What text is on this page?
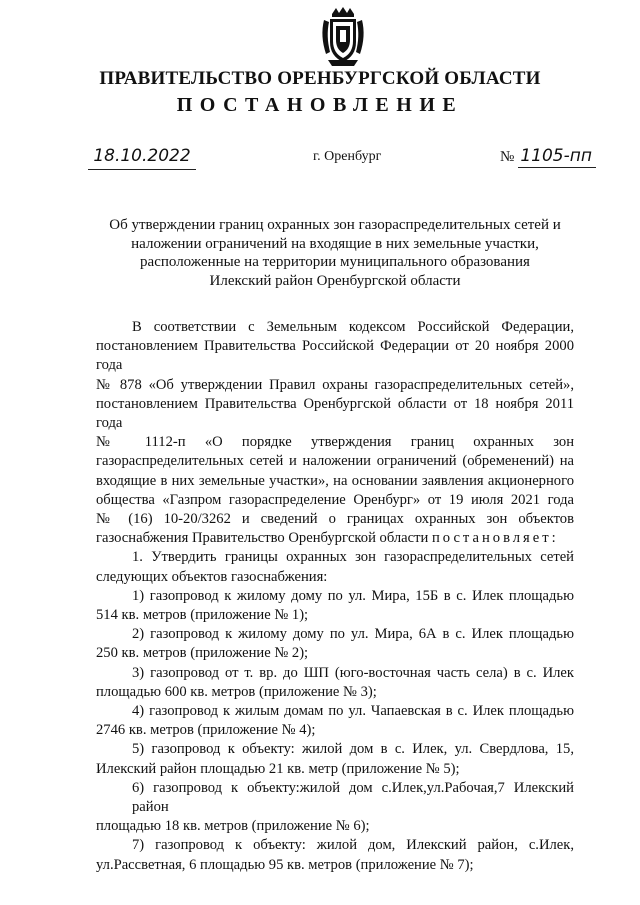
ПРАВИТЕЛЬСТВО ОРЕНБУРГСКОЙ ОБЛАСТИ
ПОСТАНОВЛЕНИЕ
18.10.2022	г. Оренбург	№ 1105-пп
Об утверждении границ охранных зон газораспределительных сетей и
наложении ограничений на входящие в них земельные участки,
расположенные на территории муниципального образования
Илекский район Оренбургской области

В соответствии с Земельным кодексом Российской Федерации,

постановлением Правительства Российской Федерации от 20 ноября 2000 года

№ 878 «Об утверждении Правил охраны газораспределительных сетей»,

постановлением Правительства Оренбургской области от 18 ноября 2011 года

№ 1112-п «О порядке утверждения границ охранных зон

газораспределительных сетей и наложении ограничений (обременений) на

входящие в них земельные участки», на основании заявления акционерного

общества «Газпром газораспределение Оренбург» от 19 июля 2021 года

№ (16) 10-20/3262 и сведений о границах охранных зон объектов

газоснабжения Правительство Оренбургской области постановляет:

1. Утвердить границы охранных зон газораспределительных сетей

следующих объектов газоснабжения:

1) газопровод к жилому дому по ул. Мира, 15Б в с. Илек площадью

514 кв. метров (приложение № 1);

2) газопровод к жилому дому по ул. Мира, 6А в с. Илек площадью

250 кв. метров (приложение № 2);

3) газопровод от т. вр. до ШП (юго-восточная часть села) в с. Илек

площадью 600 кв. метров (приложение № 3);

4) газопровод к жилым домам по ул. Чапаевская в с. Илек площадью

2746 кв. метров (приложение № 4);

5) газопровод к объекту: жилой дом в с. Илек, ул. Свердлова, 15,

Илекский район площадью 21 кв. метр (приложение № 5);

6) газопровод к объекту:жилой дом с.Илек,ул.Рабочая,7 Илекский район

площадью 18 кв. метров (приложение № 6);

7) газопровод к объекту: жилой дом, Илекский район, с.Илек,

ул.Рассветная, 6 площадью 95 кв. метров (приложение № 7);
